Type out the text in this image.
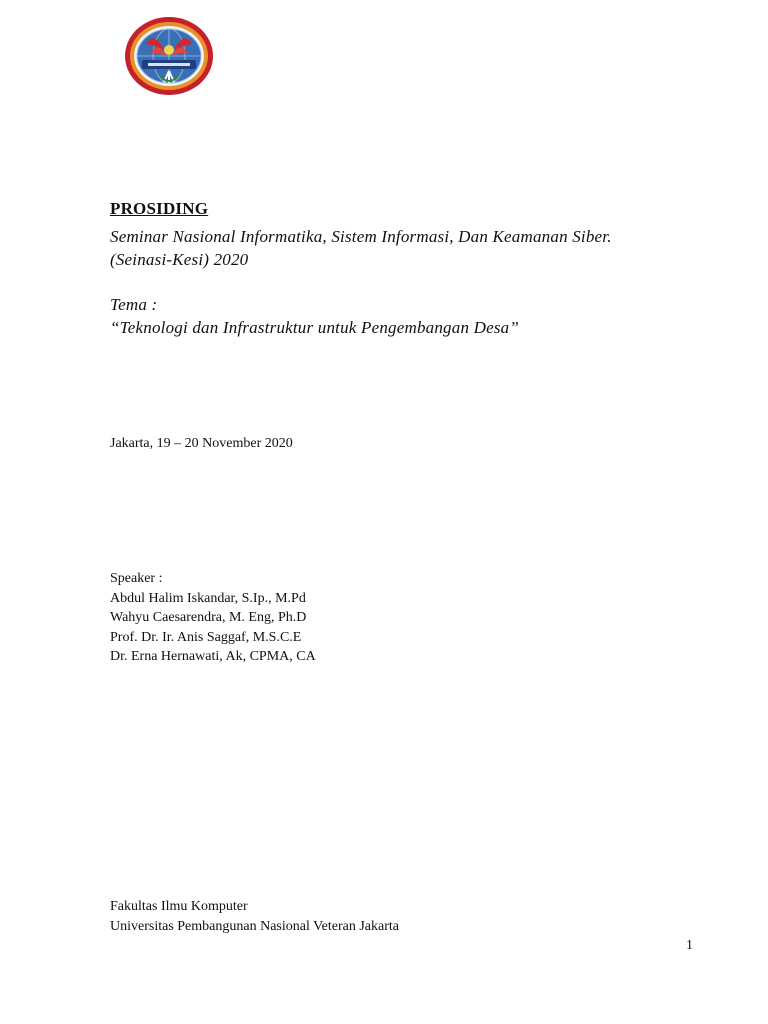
PROSIDING
Seminar Nasional Informatika, Sistem Informasi, Dan Keamanan Siber.
(Seinasi-Kesi) 2020
Tema :
“Teknologi dan Infrastruktur untuk Pengembangan Desa”
Jakarta, 19 – 20 November 2020
Speaker :
Abdul Halim Iskandar, S.Ip., M.Pd
Wahyu Caesarendra, M. Eng, Ph.D
Prof. Dr. Ir. Anis Saggaf, M.S.C.E
Dr. Erna Hernawati, Ak, CPMA, CA
Fakultas Ilmu Komputer
Universitas Pembangunan Nasional Veteran Jakarta
1
